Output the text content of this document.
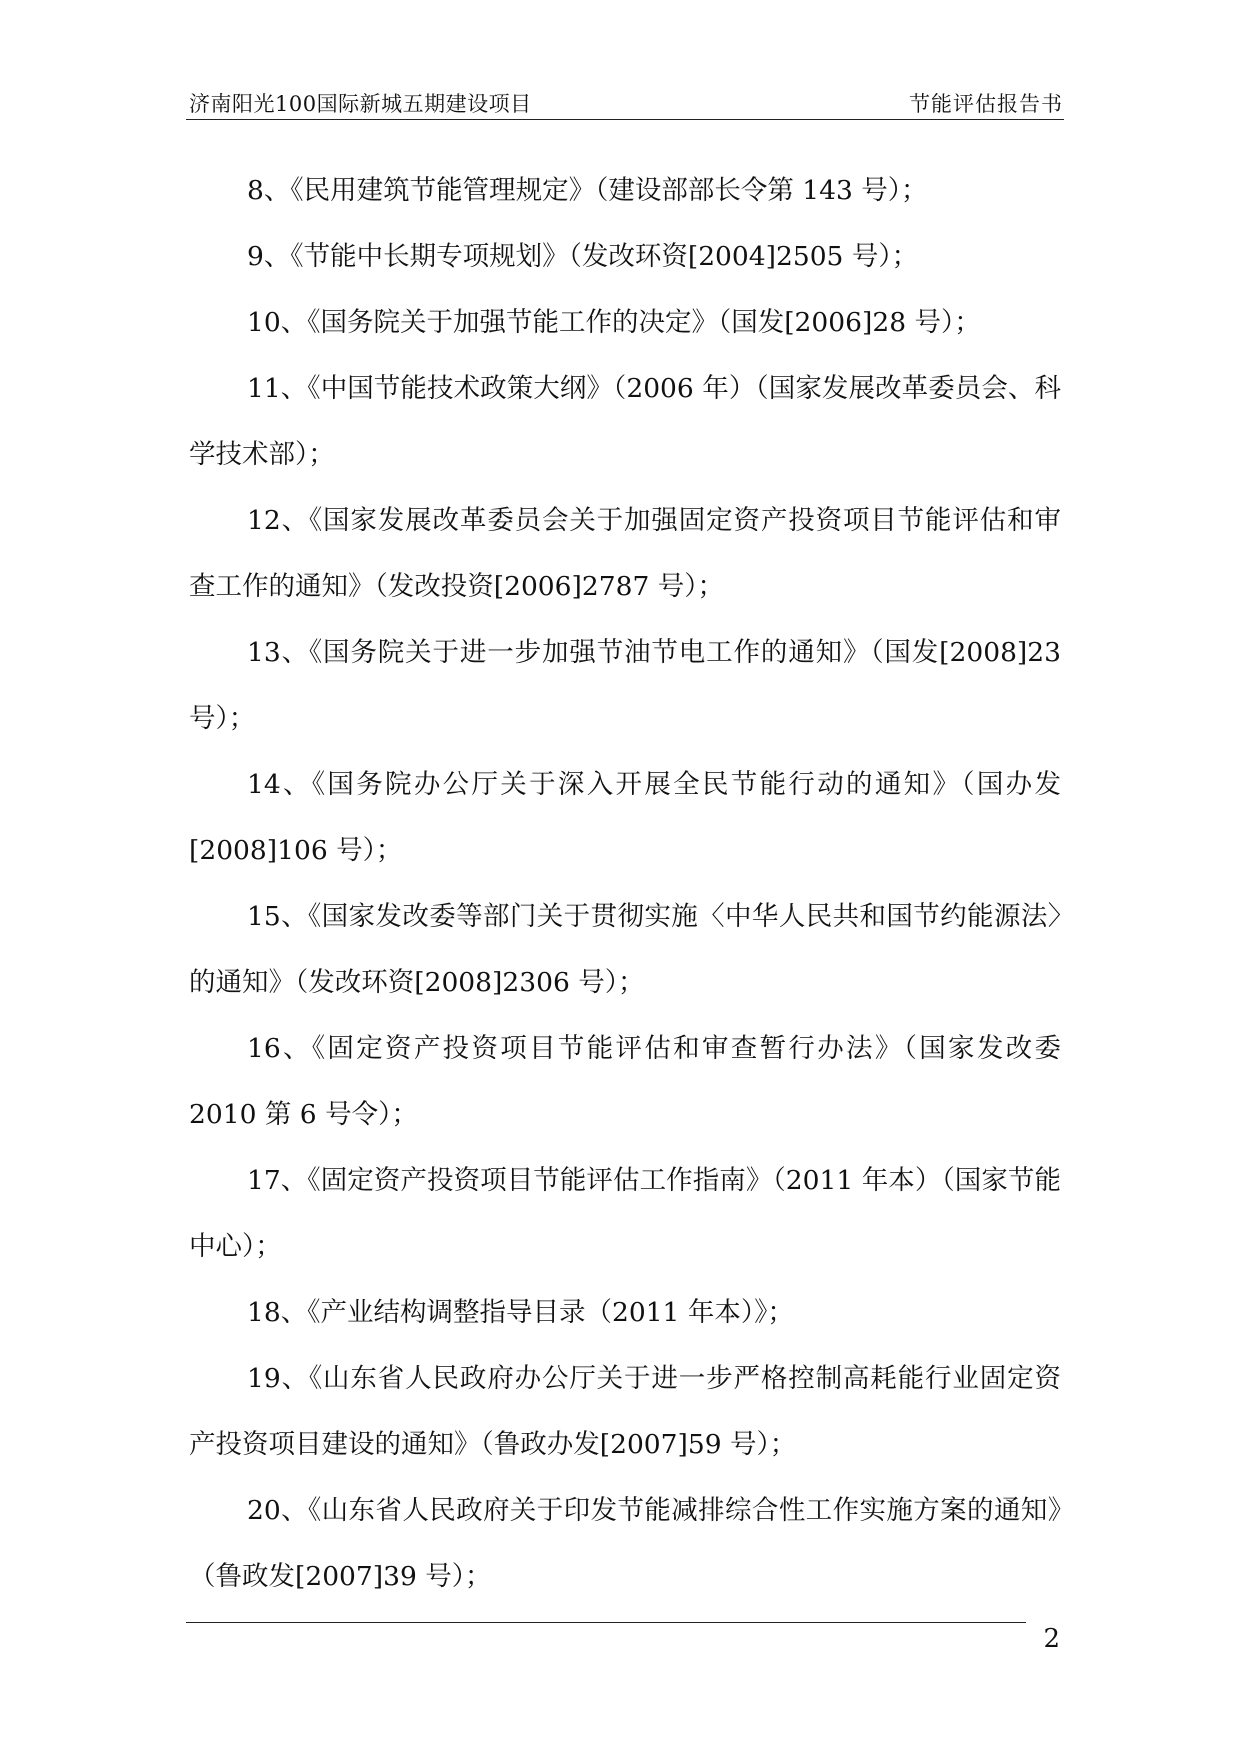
济南阳光100国际新城五期建设项目	节能评估报告书

8、《民用建筑节能管理规定》（建设部部长令第 143 号）；

9、《节能中长期专项规划》（发改环资[2004]2505 号）；

10、《国务院关于加强节能工作的决定》（国发[2006]28 号）；

11、《中国节能技术政策大纲》（2006 年）（国家发展改革委员会、科学技术部）；

12、《国家发展改革委员会关于加强固定资产投资项目节能评估和审查工作的通知》（发改投资[2006]2787 号）；

13、《国务院关于进一步加强节油节电工作的通知》（国发[2008]23 号）；

14、《国务院办公厅关于深入开展全民节能行动的通知》（国办发[2008]106 号）；

15、《国家发改委等部门关于贯彻实施〈中华人民共和国节约能源法〉的通知》（发改环资[2008]2306 号）；

16、《固定资产投资项目节能评估和审查暂行办法》（国家发改委 2010 第 6 号令）；

17、《固定资产投资项目节能评估工作指南》（2011 年本）（国家节能中心）；

18、《产业结构调整指导目录（2011 年本）》；

19、《山东省人民政府办公厅关于进一步严格控制高耗能行业固定资产投资项目建设的通知》（鲁政办发[2007]59 号）；

20、《山东省人民政府关于印发节能减排综合性工作实施方案的通知》（鲁政发[2007]39 号）；

2
